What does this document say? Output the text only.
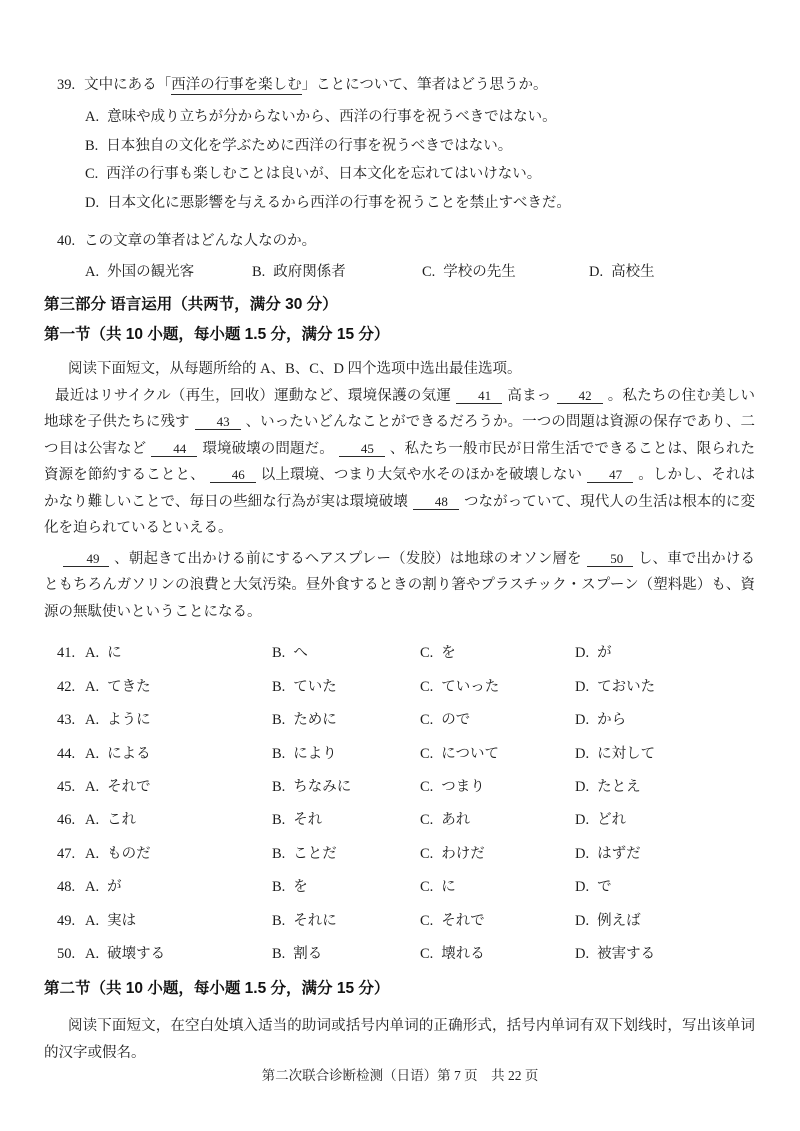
39. 文中にある「西洋の行事を楽しむ」ことについて、筆者はどう思うか。
A. 意味や成り立ちが分からないから、西洋の行事を祝うべきではない。
B. 日本独自の文化を学ぶために西洋の行事を祝うべきではない。
C. 西洋の行事も楽しむことは良いが、日本文化を忘れてはいけない。
D. 日本文化に悪影響を与えるから西洋の行事を祝うことを禁止すべきだ。
40. この文章の筆者はどんな人なのか。
A. 外国の観光客	B. 政府関係者	C. 学校の先生	D. 高校生
第三部分 语言运用（共两节，满分 30 分）
第一节（共 10 小题，每小题 1.5 分，满分 15 分）

阅读下面短文，从每题所给的 A、B、C、D 四个选项中选出最佳选项。

最近はリサイクル（再生，回收）運動など、環境保護の気運 41 高まっ 42 。私たちの住む美しい地球を子供たちに残す 43 、いったいどんなことができるだろうか。一つの問題は資源の保存であり、二つ目は公害など 44 環境破壊の問題だ。 45 、私たち一般市民が日常生活でできることは、限られた資源を節約することと、 46 以上環境、つまり大気や水そのほかを破壊しない 47 。しかし、それはかなり難しいことで、毎日の些細な行為が実は環境破壊 48 つながっていて、現代人の生活は根本的に変化を迫られているといえる。

49 、朝起きて出かける前にするヘアスプレー（发胶）は地球のオソン層を 50 し、車で出かけるともちろんガソリンの浪費と大気汚染。昼外食するときの割り箸やプラスチック・スプーン（塑料匙）も、資源の無駄使いということになる。

41. A. に	B. へ	C. を	D. が
42. A. てきた	B. ていた	C. ていった	D. ておいた
43. A. ように	B. ために	C. ので	D. から
44. A. による	B. により	C. について	D. に対して
45. A. それで	B. ちなみに	C. つまり	D. たとえ
46. A. これ	B. それ	C. あれ	D. どれ
47. A. ものだ	B. ことだ	C. わけだ	D. はずだ
48. A. が	B. を	C. に	D. で
49. A. 実は	B. それに	C. それで	D. 例えば
50. A. 破壊する	B. 割る	C. 壊れる	D. 被害する
第二节（共 10 小题，每小题 1.5 分，满分 15 分）

阅读下面短文，在空白处填入适当的助词或括号内单词的正确形式，括号内单词有双下划线时，写出该单词的汉字或假名。

第二次联合诊断检测（日语）第 7 页　共 22 页
